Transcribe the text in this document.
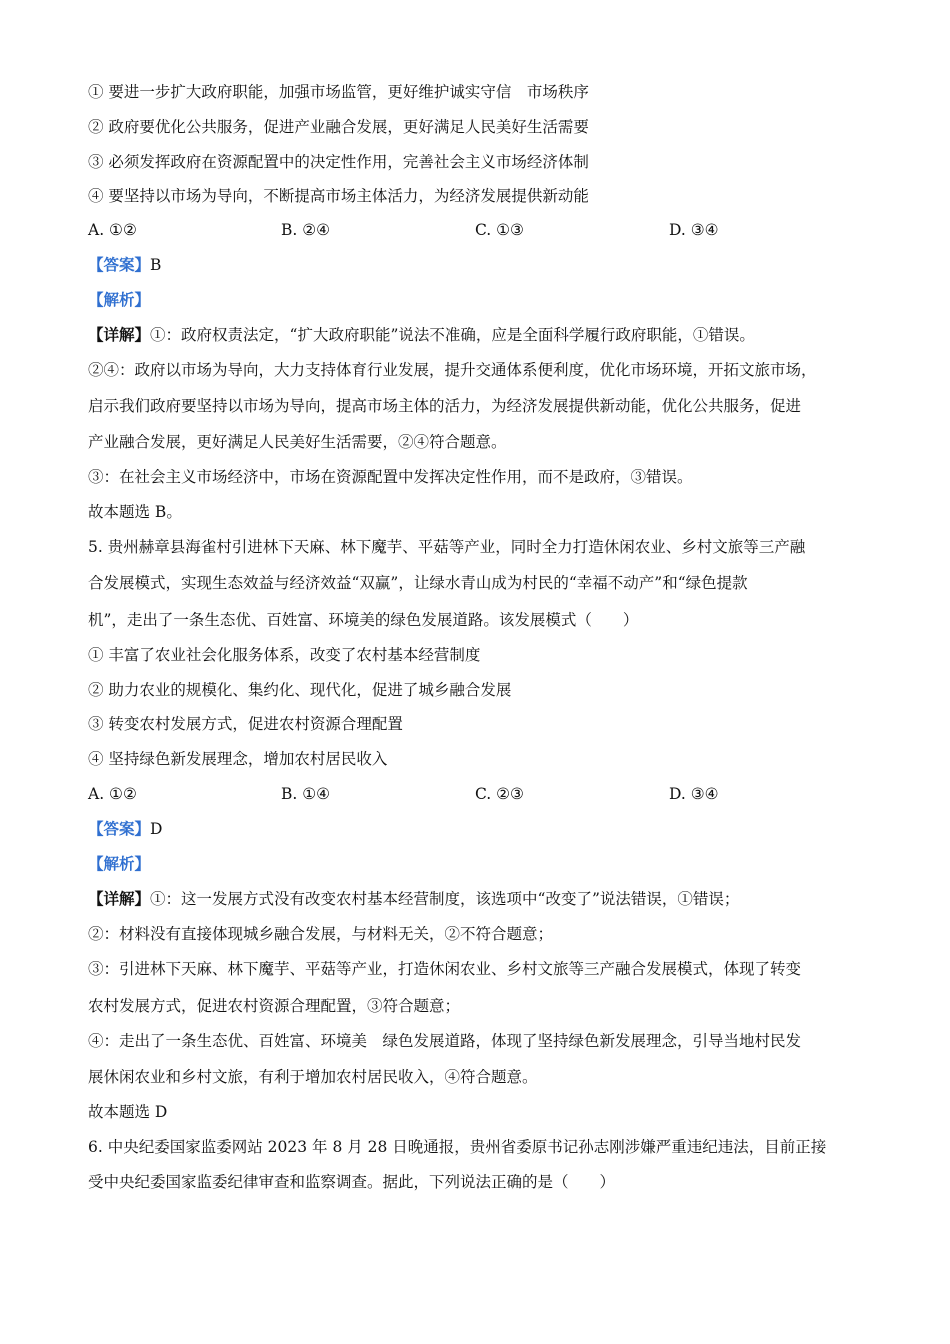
① 要进一步扩大政府职能，加强市场监管，更好维护诚实守信　市场秩序
② 政府要优化公共服务，促进产业融合发展，更好满足人民美好生活需要
③ 必须发挥政府在资源配置中的决定性作用，完善社会主义市场经济体制
④ 要坚持以市场为导向，不断提高市场主体活力，为经济发展提供新动能
A. ①②	B. ②④	C. ①③	D. ③④
【答案】B
【解析】
【详解】①：政府权责法定，“扩大政府职能”说法不准确，应是全面科学履行政府职能，①错误。
②④：政府以市场为导向，大力支持体育行业发展，提升交通体系便利度，优化市场环境，开拓文旅市场，
启示我们政府要坚持以市场为导向，提高市场主体的活力，为经济发展提供新动能，优化公共服务，促进
产业融合发展，更好满足人民美好生活需要，②④符合题意。
③：在社会主义市场经济中，市场在资源配置中发挥决定性作用，而不是政府，③错误。
故本题选 B。
5. 贵州赫章县海雀村引进林下天麻、林下魔芋、平菇等产业，同时全力打造休闲农业、乡村文旅等三产融
合发展模式，实现生态效益与经济效益“双赢”，让绿水青山成为村民的“幸福不动产”和“绿色提款
机”，走出了一条生态优、百姓富、环境美的绿色发展道路。该发展模式（　　）
① 丰富了农业社会化服务体系，改变了农村基本经营制度
② 助力农业的规模化、集约化、现代化，促进了城乡融合发展
③ 转变农村发展方式，促进农村资源合理配置
④ 坚持绿色新发展理念，增加农村居民收入
A. ①②	B. ①④	C. ②③	D. ③④
【答案】D
【解析】
【详解】①：这一发展方式没有改变农村基本经营制度，该选项中“改变了”说法错误，①错误；
②：材料没有直接体现城乡融合发展，与材料无关，②不符合题意；
③：引进林下天麻、林下魔芋、平菇等产业，打造休闲农业、乡村文旅等三产融合发展模式，体现了转变
农村发展方式，促进农村资源合理配置，③符合题意；
④：走出了一条生态优、百姓富、环境美　绿色发展道路，体现了坚持绿色新发展理念，引导当地村民发
展休闲农业和乡村文旅，有利于增加农村居民收入，④符合题意。
故本题选 D
6. 中央纪委国家监委网站 2023 年 8 月 28 日晚通报，贵州省委原书记孙志刚涉嫌严重违纪违法，目前正接
受中央纪委国家监委纪律审查和监察调查。据此，下列说法正确的是（　　）
